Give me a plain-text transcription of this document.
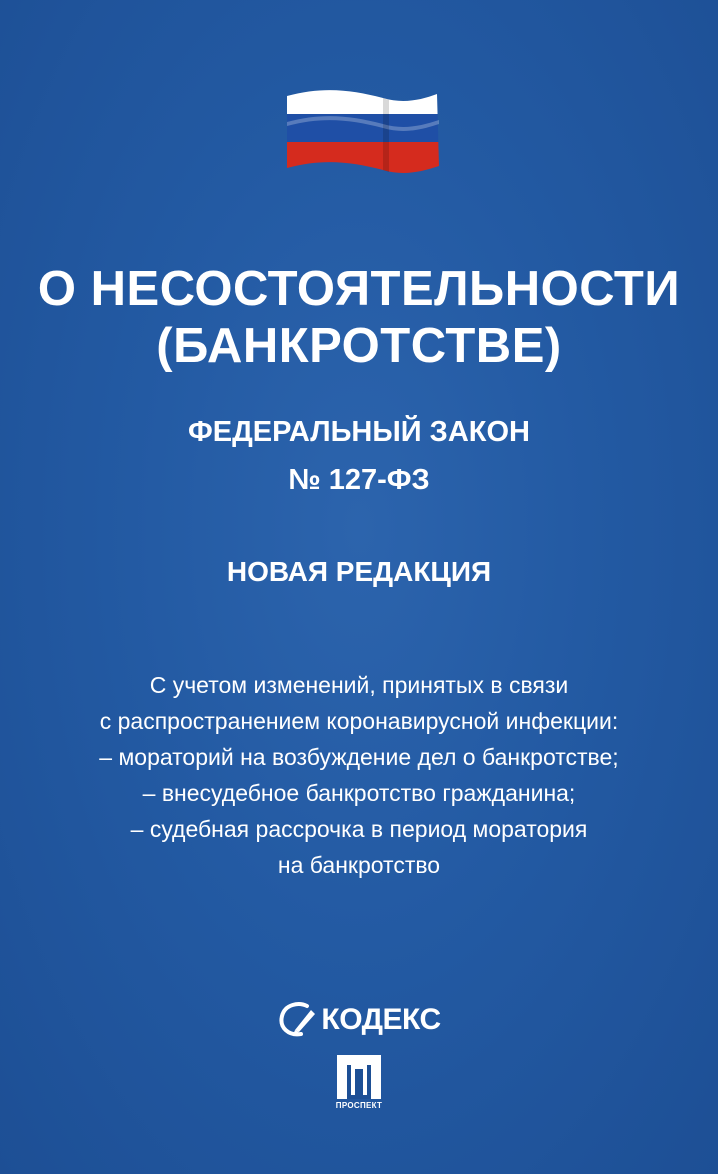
О НЕСОСТОЯТЕЛЬНОСТИ
(БАНКРОТСТВЕ)
ФЕДЕРАЛЬНЫЙ ЗАКОН
№ 127-ФЗ
НОВАЯ РЕДАКЦИЯ
С учетом изменений, принятых в связи
с распространением коронавирусной инфекции:
– мораторий на возбуждение дел о банкротстве;
– внесудебное банкротство гражданина;
– судебная рассрочка в период моратория
на банкротство
КОДЕКС
ПРОСПЕКТ
